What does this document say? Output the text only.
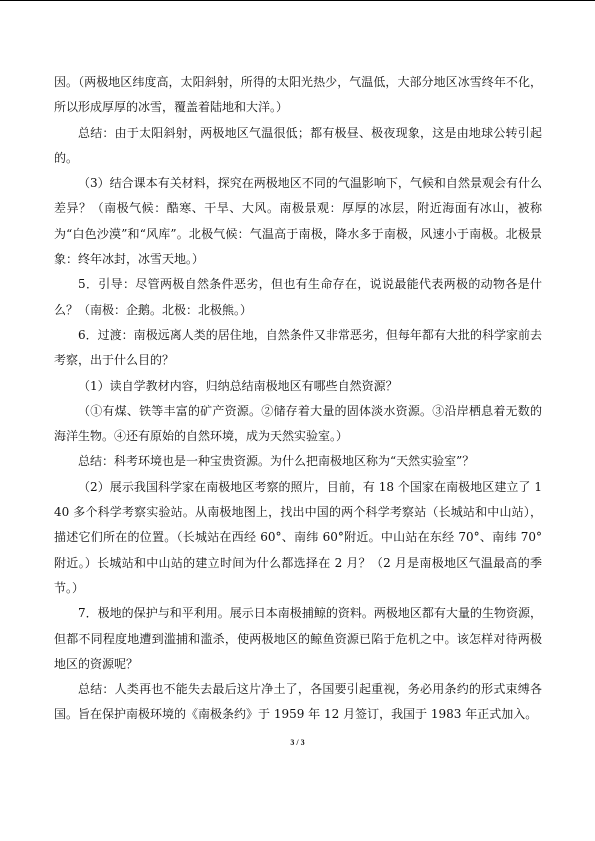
因。（两极地区纬度高，太阳斜射，所得的太阳光热少，气温低，大部分地区冰雪终年不化，所以形成厚厚的冰雪，覆盖着陆地和大洋。）

总结：由于太阳斜射，两极地区气温很低；都有极昼、极夜现象，这是由地球公转引起的。

（3）结合课本有关材料，探究在两极地区不同的气温影响下，气候和自然景观会有什么差异？（南极气候：酷寒、干旱、大风。南极景观：厚厚的冰层，附近海面有冰山，被称为“白色沙漠”和“风库”。北极气候：气温高于南极，降水多于南极，风速小于南极。北极景象：终年冰封，冰雪天地。）

5．引导：尽管两极自然条件恶劣，但也有生命存在，说说最能代表两极的动物各是什么？（南极：企鹅。北极：北极熊。）

6．过渡：南极远离人类的居住地，自然条件又非常恶劣，但每年都有大批的科学家前去考察，出于什么目的？

（1）读自学教材内容，归纳总结南极地区有哪些自然资源？

（①有煤、铁等丰富的矿产资源。②储存着大量的固体淡水资源。③沿岸栖息着无数的海洋生物。④还有原始的自然环境，成为天然实验室。）

总结：科考环境也是一种宝贵资源。为什么把南极地区称为“天然实验室”？

（2）展示我国科学家在南极地区考察的照片，目前，有 18 个国家在南极地区建立了 140 多个科学考察实验站。从南极地图上，找出中国的两个科学考察站（长城站和中山站），描述它们所在的位置。（长城站在西经 60°、南纬 60°附近。中山站在东经 70°、南纬 70°附近。）长城站和中山站的建立时间为什么都选择在 2 月？（2 月是南极地区气温最高的季节。）

7．极地的保护与和平利用。展示日本南极捕鲸的资料。两极地区都有大量的生物资源，但都不同程度地遭到滥捕和滥杀，使两极地区的鲸鱼资源已陷于危机之中。该怎样对待两极地区的资源呢？

总结：人类再也不能失去最后这片净土了，各国要引起重视，务必用条约的形式束缚各国。旨在保护南极环境的《南极条约》于 1959 年 12 月签订，我国于 1983 年正式加入。

3 / 3
